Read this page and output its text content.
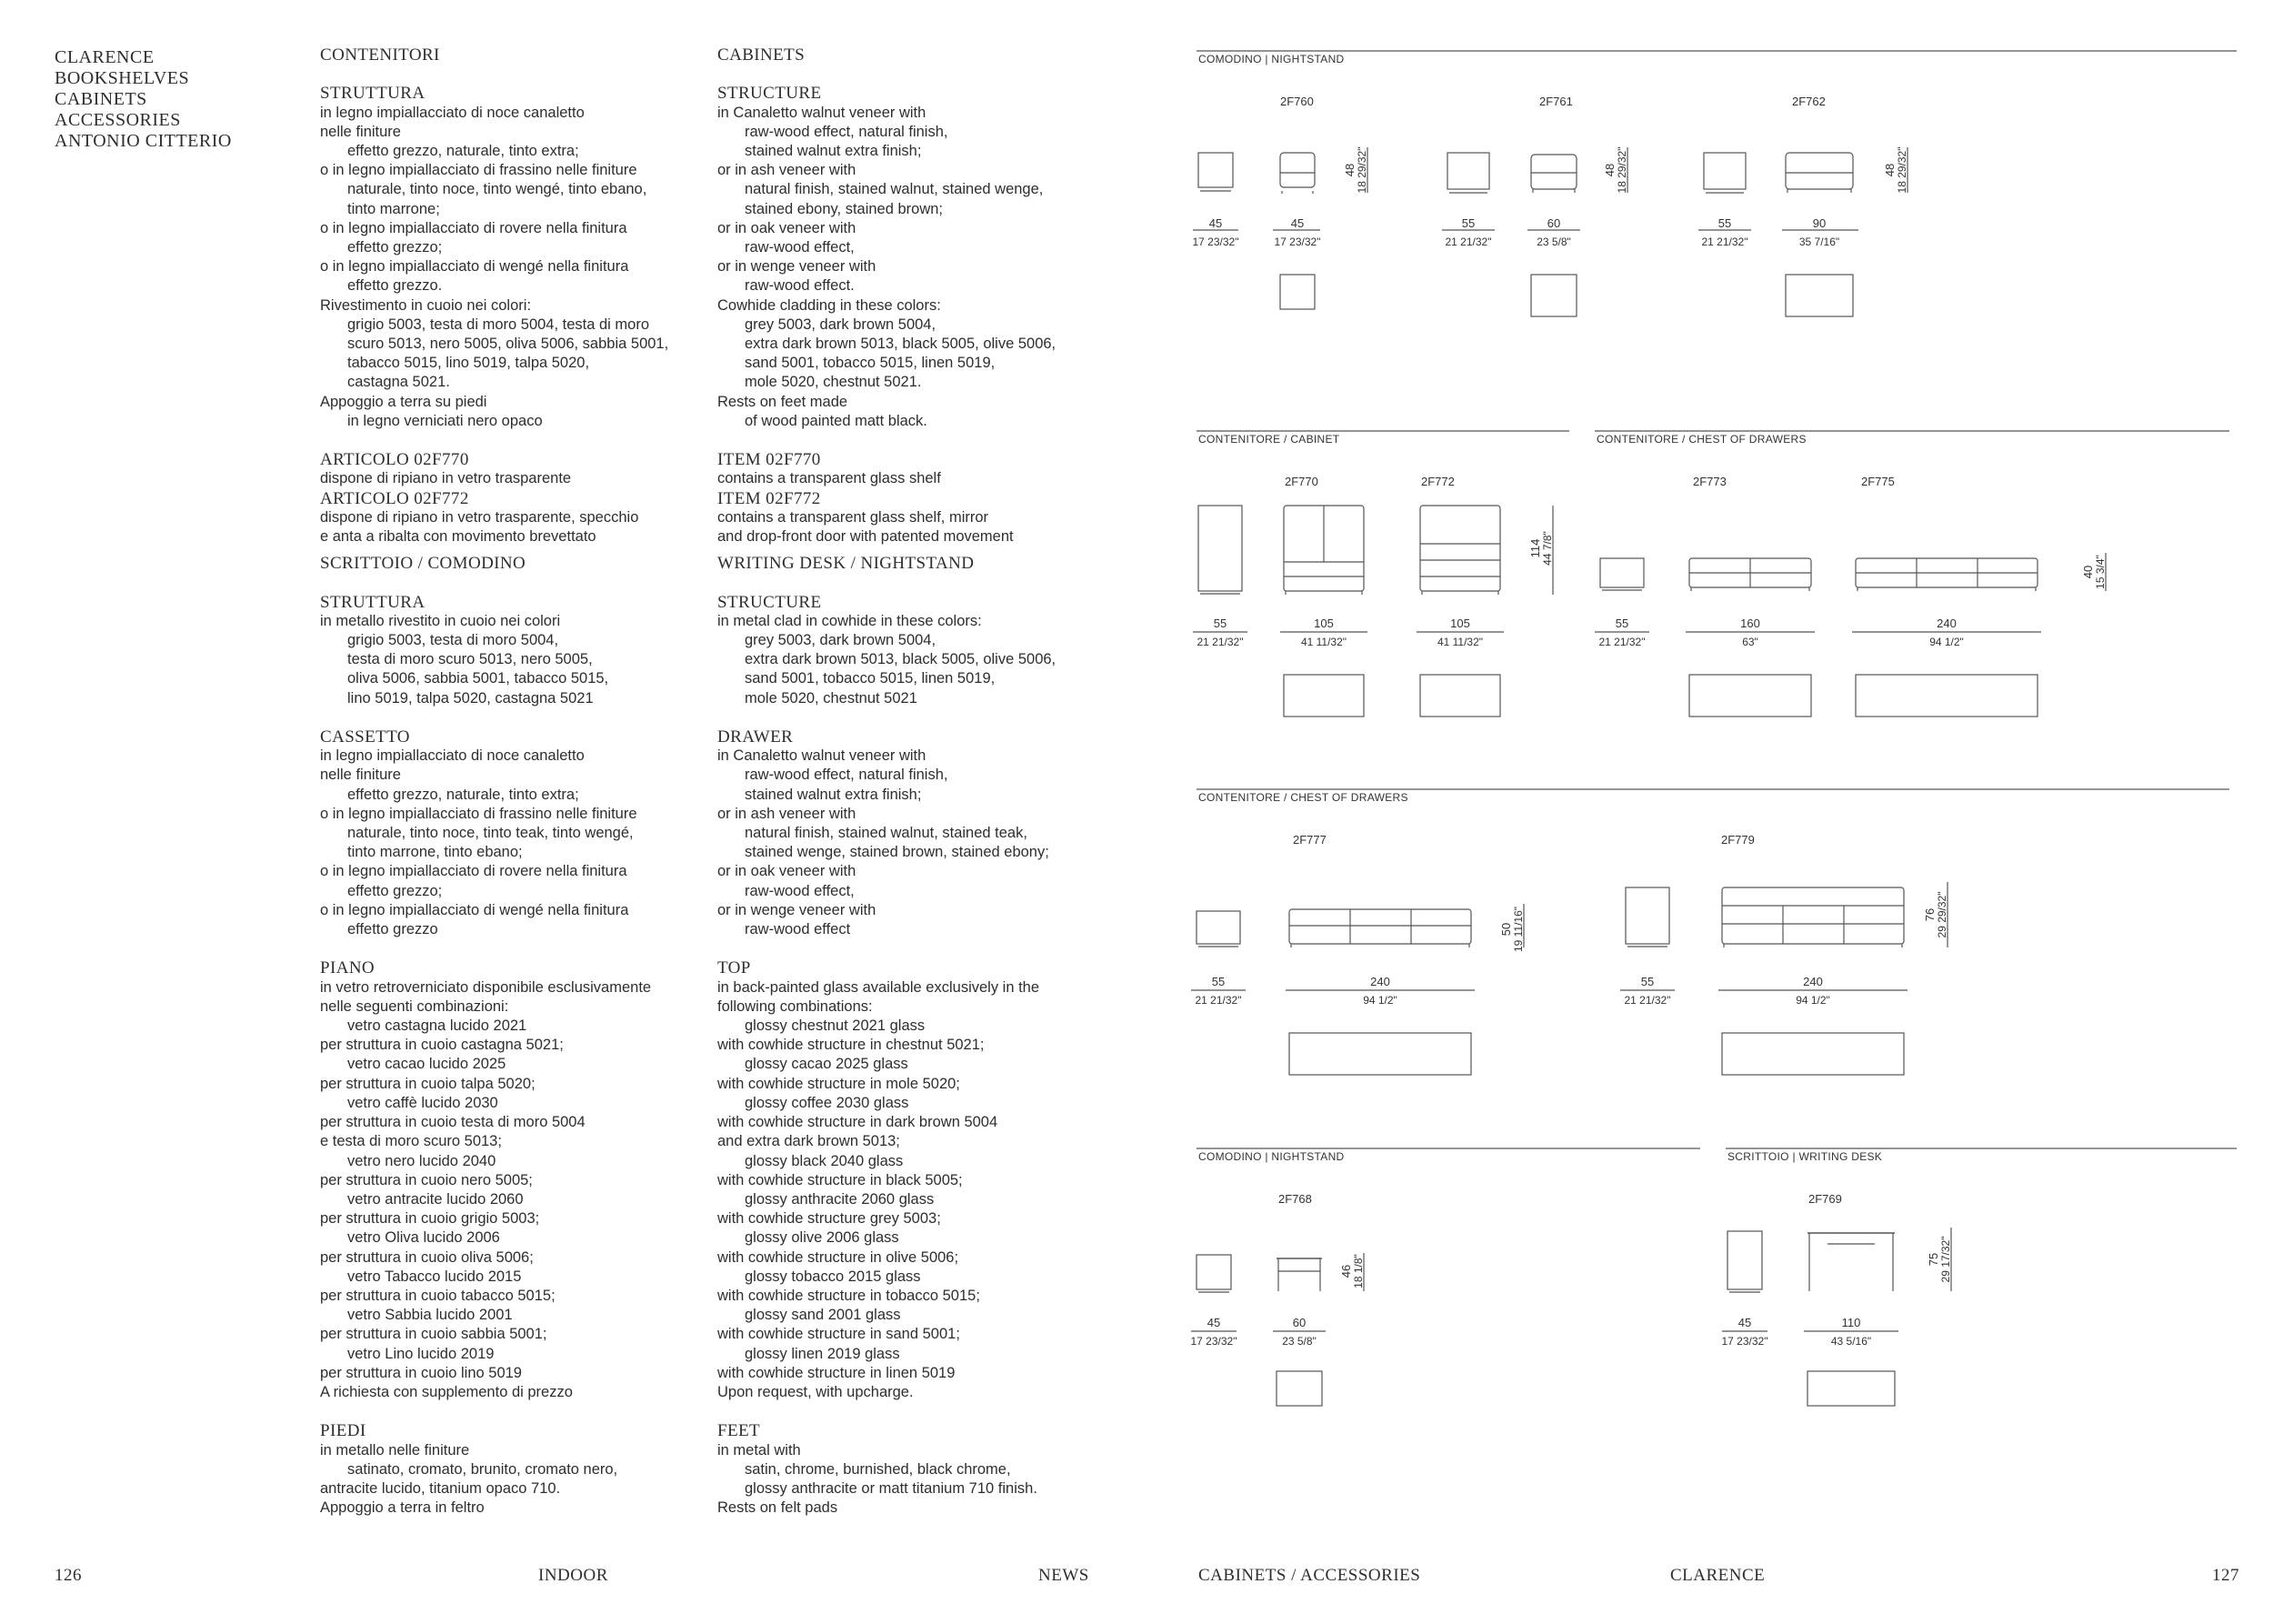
CLARENCE
BOOKSHELVES
CABINETS
ACCESSORIES
ANTONIO CITTERIO
CONTENITORI
STRUTTURA
in legno impiallacciato di noce canaletto
nelle finiture
effetto grezzo, naturale, tinto extra;
o in legno impiallacciato di frassino nelle finiture
naturale, tinto noce, tinto wengé, tinto ebano,
tinto marrone;
o in legno impiallacciato di rovere nella finitura
effetto grezzo;
o in legno impiallacciato di wengé nella finitura
effetto grezzo.
Rivestimento in cuoio nei colori:
grigio 5003, testa di moro 5004, testa di moro
scuro 5013, nero 5005, oliva 5006, sabbia 5001,
tabacco 5015, lino 5019, talpa 5020,
castagna 5021.
Appoggio a terra su piedi
in legno verniciati nero opaco
ARTICOLO 02F770
dispone di ripiano in vetro trasparente
ARTICOLO 02F772
dispone di ripiano in vetro trasparente, specchio
e anta a ribalta con movimento brevettato
SCRITTOIO / COMODINO
STRUTTURA
in metallo rivestito in cuoio nei colori
grigio 5003, testa di moro 5004,
testa di moro scuro 5013, nero 5005,
oliva 5006, sabbia 5001, tabacco 5015,
lino 5019, talpa 5020, castagna 5021
CASSETTO
in legno impiallacciato di noce canaletto
nelle finiture
effetto grezzo, naturale, tinto extra;
o in legno impiallacciato di frassino nelle finiture
naturale, tinto noce, tinto teak, tinto wengé,
tinto marrone, tinto ebano;
o in legno impiallacciato di rovere nella finitura
effetto grezzo;
o in legno impiallacciato di wengé nella finitura
effetto grezzo
PIANO
in vetro retroverniciato disponibile esclusivamente
nelle seguenti combinazioni:
vetro castagna lucido 2021
per struttura in cuoio castagna 5021;
vetro cacao lucido 2025
per struttura in cuoio talpa 5020;
vetro caffè lucido 2030
per struttura in cuoio testa di moro 5004
e testa di moro scuro 5013;
vetro nero lucido 2040
per struttura in cuoio nero 5005;
vetro antracite lucido 2060
per struttura in cuoio grigio 5003;
vetro Oliva lucido 2006
per struttura in cuoio oliva 5006;
vetro Tabacco lucido 2015
per struttura in cuoio tabacco 5015;
vetro Sabbia lucido 2001
per struttura in cuoio sabbia 5001;
vetro Lino lucido 2019
per struttura in cuoio lino 5019
A richiesta con supplemento di prezzo
PIEDI
in metallo nelle finiture
satinato, cromato, brunito, cromato nero,
antracite lucido, titanium opaco 710.
Appoggio a terra in feltro
CABINETS
STRUCTURE
in Canaletto walnut veneer with
raw-wood effect, natural finish,
stained walnut extra finish;
or in ash veneer with
natural finish, stained walnut, stained wenge,
stained ebony, stained brown;
or in oak veneer with
raw-wood effect,
or in wenge veneer with
raw-wood effect.
Cowhide cladding in these colors:
grey 5003, dark brown 5004,
extra dark brown 5013, black 5005, olive 5006,
sand 5001, tobacco 5015, linen 5019,
mole 5020, chestnut 5021.
Rests on feet made
of wood painted matt black.
ITEM 02F770
contains a transparent glass shelf
ITEM 02F772
contains a transparent glass shelf, mirror
and drop-front door with patented movement
WRITING DESK / NIGHTSTAND
STRUCTURE
in metal clad in cowhide in these colors:
grey 5003, dark brown 5004,
extra dark brown 5013, black 5005, olive 5006,
sand 5001, tobacco 5015, linen 5019,
mole 5020, chestnut 5021
DRAWER
in Canaletto walnut veneer with
raw-wood effect, natural finish,
stained walnut extra finish;
or in ash veneer with
natural finish, stained walnut, stained teak,
stained wenge, stained brown, stained ebony;
or in oak veneer with
raw-wood effect,
or in wenge veneer with
raw-wood effect
TOP
in back-painted glass available exclusively in the
following combinations:
glossy chestnut 2021 glass
with cowhide structure in chestnut 5021;
glossy cacao 2025 glass
with cowhide structure in mole 5020;
glossy coffee 2030 glass
with cowhide structure in dark brown 5004
and extra dark brown 5013;
glossy black 2040 glass
with cowhide structure in black 5005;
glossy anthracite 2060 glass
with cowhide structure grey 5003;
glossy olive 2006 glass
with cowhide structure in olive 5006;
glossy tobacco 2015 glass
with cowhide structure in tobacco 5015;
glossy sand 2001 glass
with cowhide structure in sand 5001;
glossy linen 2019 glass
with cowhide structure in linen 5019
Upon request, with upcharge.
FEET
in metal with
satin, chrome, burnished, black chrome,
glossy anthracite or matt titanium 710 finish.
Rests on felt pads
126	INDOOR	NEWS	CABINETS / ACCESSORIES	CLARENCE	127
COMODINO | NIGHTSTAND
2F760	2F761	2F762
45
17 23/32"
45
17 23/32"
48 18 29/32"
55
21 21/32"
60
23 5/8"
48 18 29/32"
55
21 21/32"
90
35 7/16"
48 18 29/32"
CONTENITORE / CABINET	CONTENITORE / CHEST OF DRAWERS
2F770	2F772	2F773	2F775
55
21 21/32"
105
41 11/32"
105
41 11/32"
114 44 7/8"
55
21 21/32"
160
63"
240
94 1/2"
40 15 3/4"
CONTENITORE / CHEST OF DRAWERS
2F777	2F779
55
21 21/32"
240
94 1/2"
50 19 11/16"
55
21 21/32"
240
94 1/2"
76 29 29/32"
COMODINO | NIGHTSTAND	SCRITTOIO | WRITING DESK
2F768	2F769
45
17 23/32"
60
23 5/8"
46 18 1/8"
45
17 23/32"
110
43 5/16"
75 29 17/32"
